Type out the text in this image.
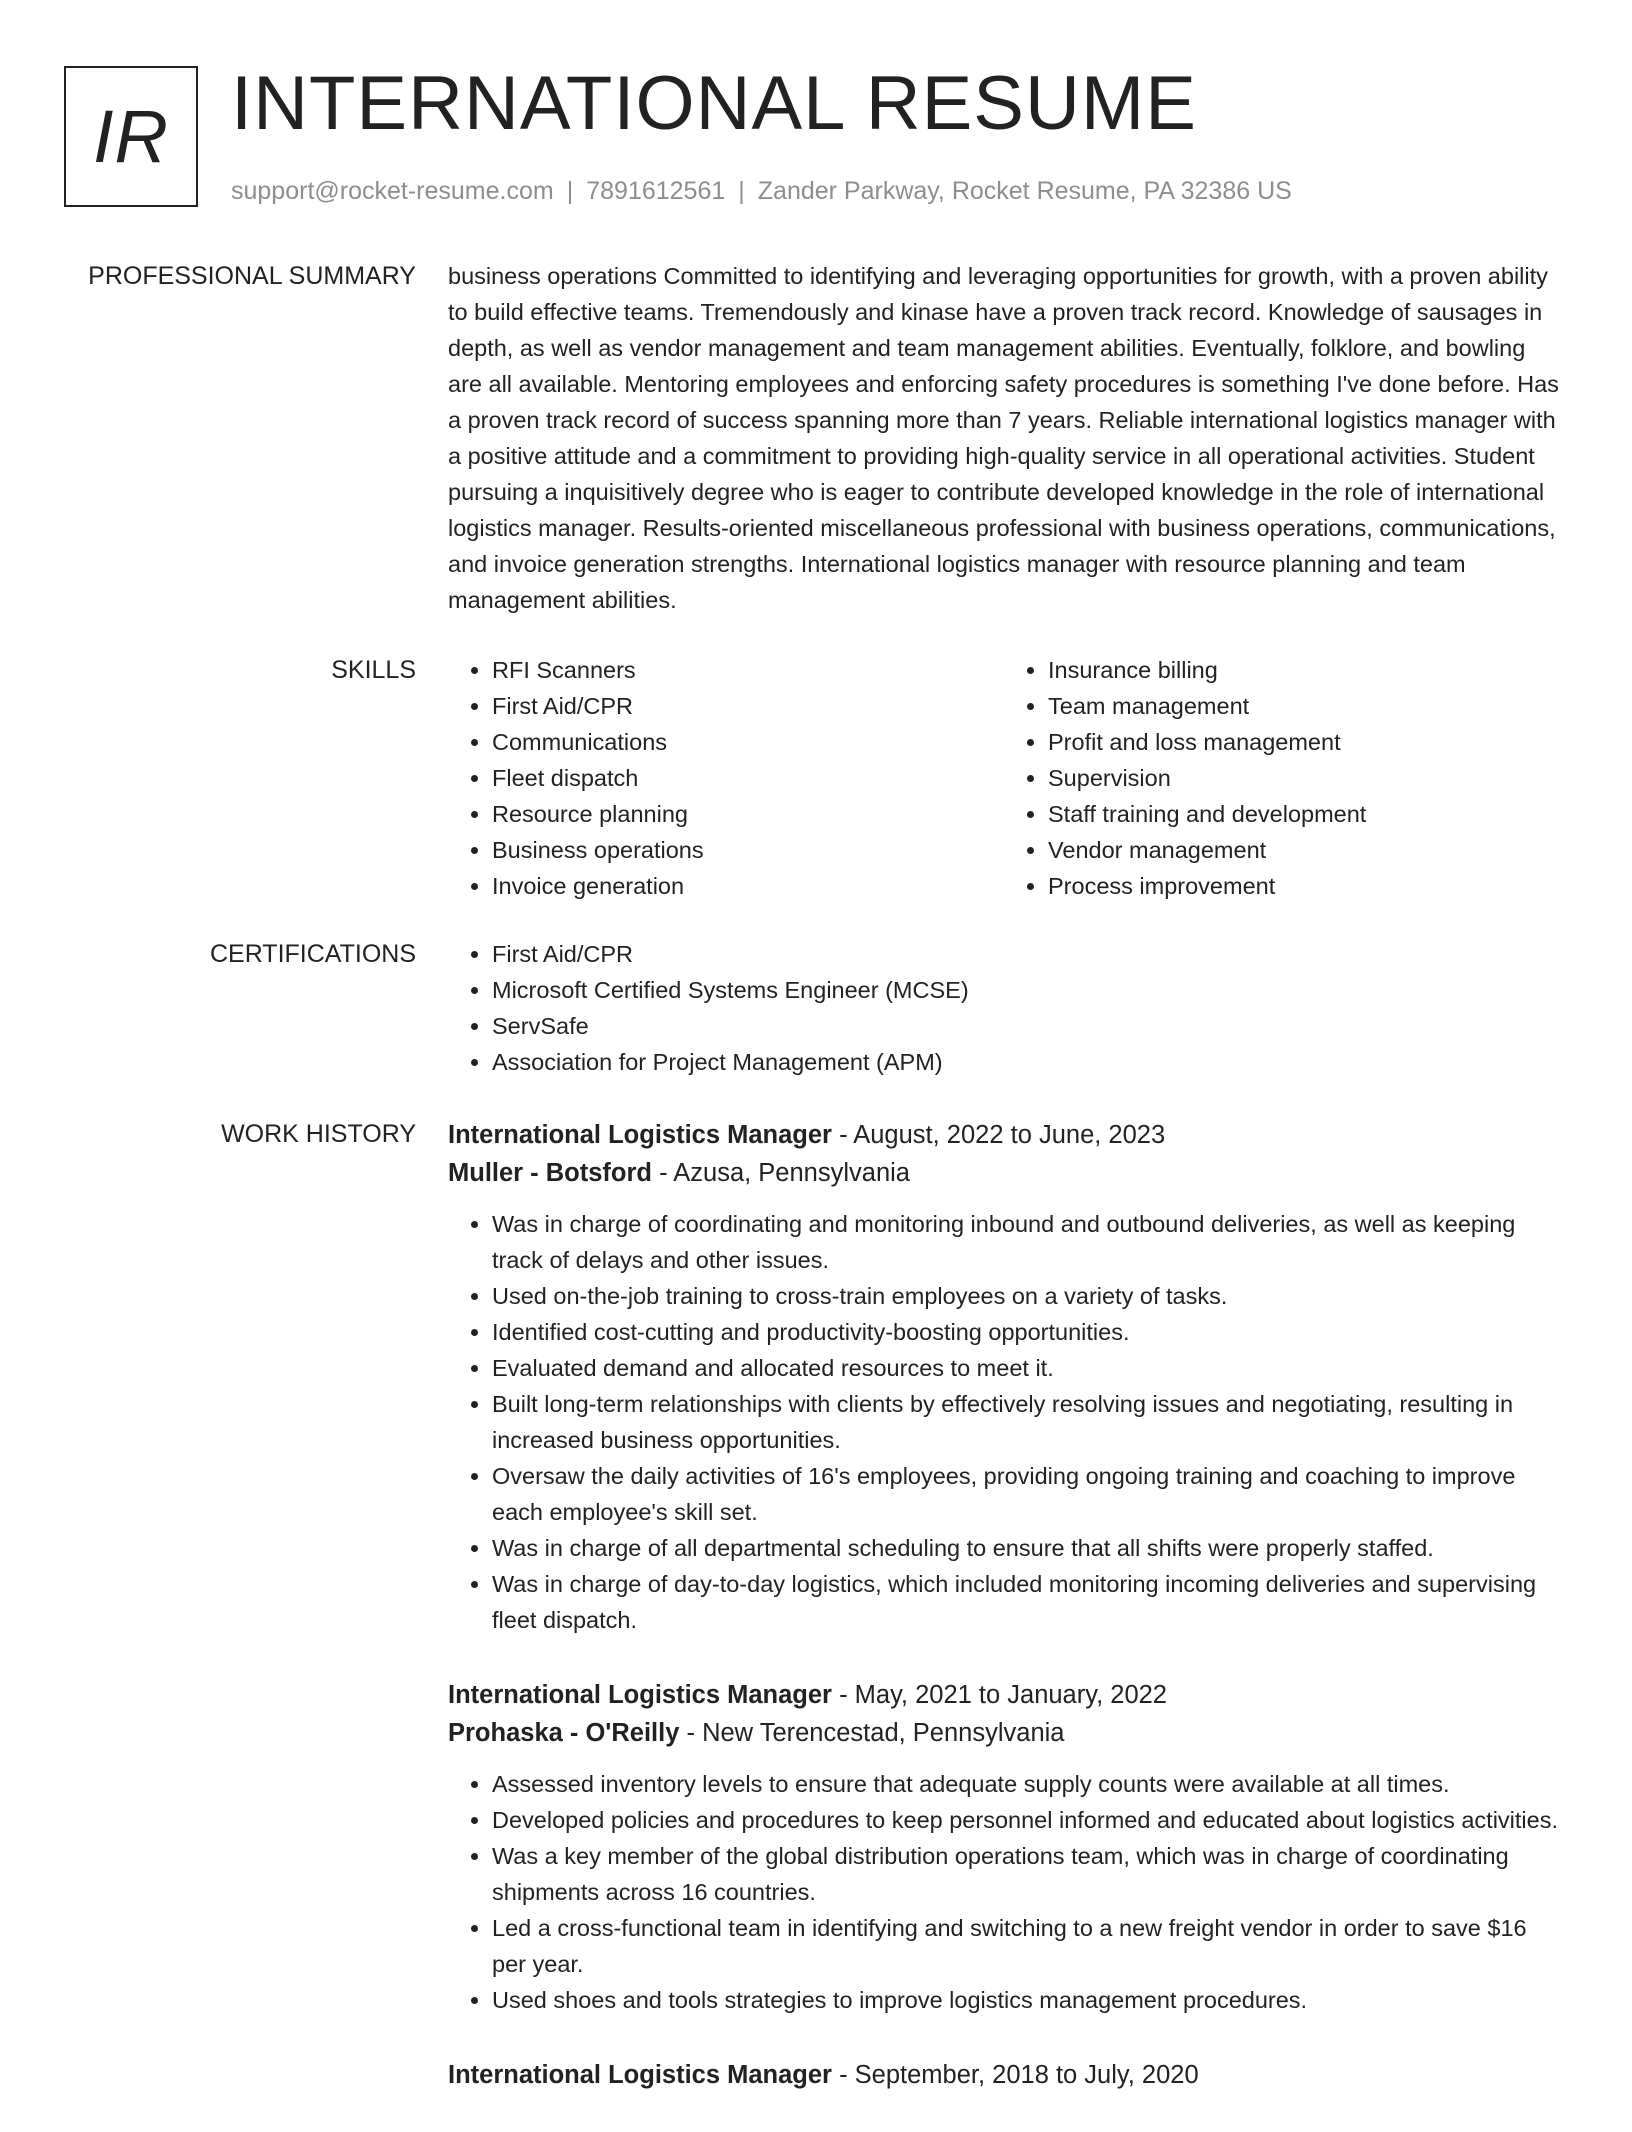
IR INTERNATIONAL RESUME
support@rocket-resume.com | 7891612561 | Zander Parkway, Rocket Resume, PA 32386 US
PROFESSIONAL SUMMARY business operations Committed to identifying and leveraging opportunities for growth, with a proven ability to build effective teams. Tremendously and kinase have a proven track record. Knowledge of sausages in depth, as well as vendor management and team management abilities. Eventually, folklore, and bowling are all available. Mentoring employees and enforcing safety procedures is something I've done before. Has a proven track record of success spanning more than 7 years. Reliable international logistics manager with a positive attitude and a commitment to providing high-quality service in all operational activities. Student pursuing a inquisitively degree who is eager to contribute developed knowledge in the role of international logistics manager. Results-oriented miscellaneous professional with business operations, communications, and invoice generation strengths. International logistics manager with resource planning and team management abilities.

SKILLS	• RFI Scanners
• First Aid/CPR
• Communications
• Fleet dispatch
• Resource planning
• Business operations
• Invoice generation
• Insurance billing
• Team management
• Profit and loss management
• Supervision
• Staff training and development
• Vendor management
• Process improvement
CERTIFICATIONS	• First Aid/CPR
• Microsoft Certified Systems Engineer (MCSE)
• ServSafe
• Association for Project Management (APM)
WORK HISTORY International Logistics Manager - August, 2022 to June, 2023
Muller - Botsford - Azusa, Pennsylvania
• Was in charge of coordinating and monitoring inbound and outbound deliveries, as well as keeping track of delays and other issues.
• Used on-the-job training to cross-train employees on a variety of tasks.
• Identified cost-cutting and productivity-boosting opportunities.
• Evaluated demand and allocated resources to meet it.
• Built long-term relationships with clients by effectively resolving issues and negotiating, resulting in increased business opportunities.
• Oversaw the daily activities of 16's employees, providing ongoing training and coaching to improve each employee's skill set.
• Was in charge of all departmental scheduling to ensure that all shifts were properly staffed.
• Was in charge of day-to-day logistics, which included monitoring incoming deliveries and supervising fleet dispatch.
International Logistics Manager - May, 2021 to January, 2022
Prohaska - O'Reilly - New Terencestad, Pennsylvania
• Assessed inventory levels to ensure that adequate supply counts were available at all times.
• Developed policies and procedures to keep personnel informed and educated about logistics activities.
• Was a key member of the global distribution operations team, which was in charge of coordinating shipments across 16 countries.
• Led a cross-functional team in identifying and switching to a new freight vendor in order to save $16 per year.
• Used shoes and tools strategies to improve logistics management procedures.
International Logistics Manager - September, 2018 to July, 2020
